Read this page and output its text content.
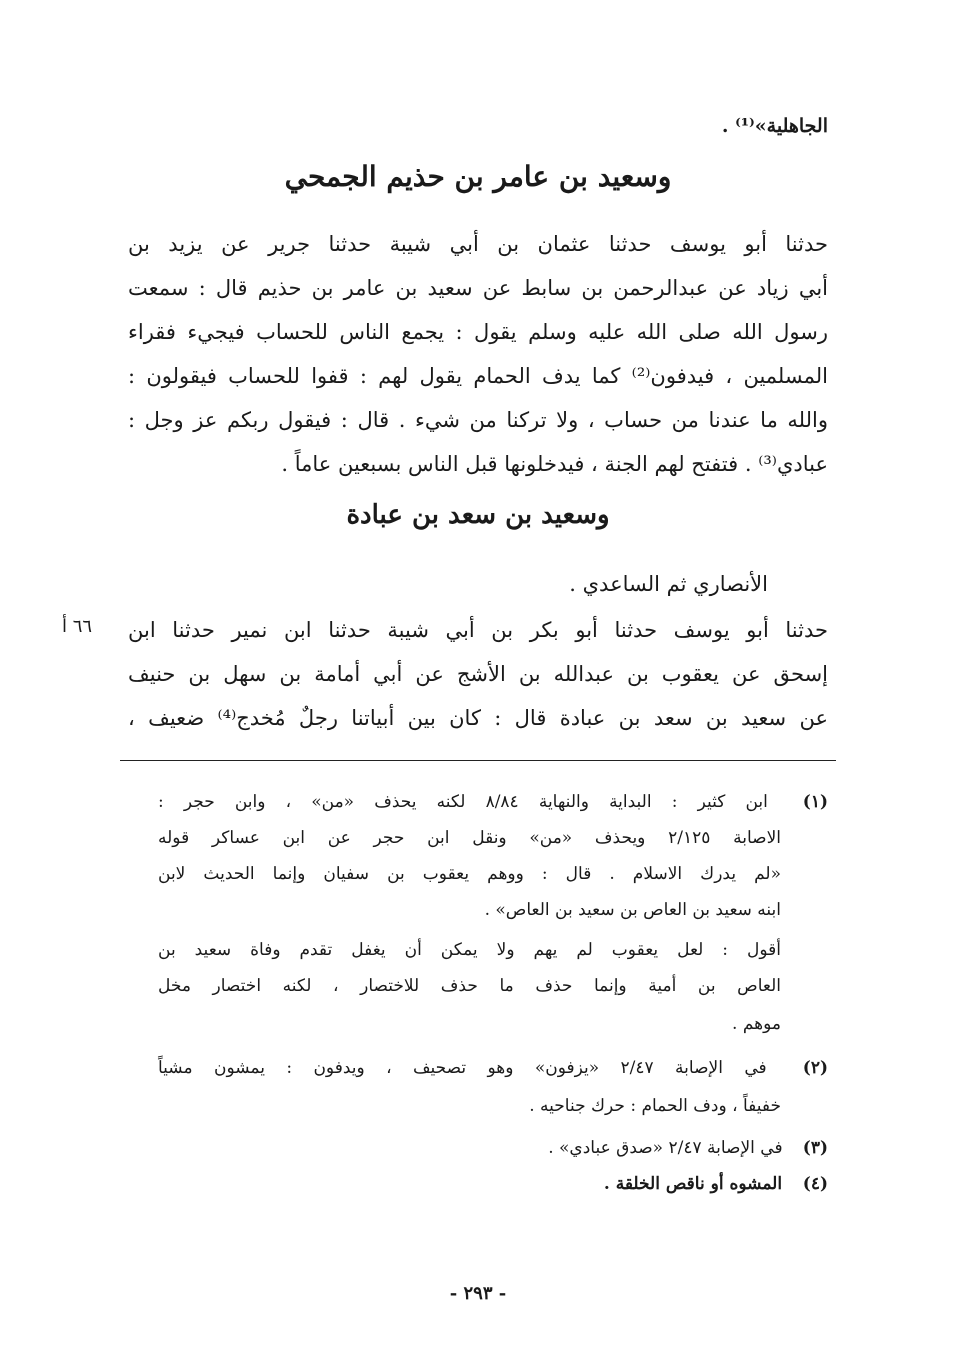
الجاهلية»⁽¹⁾ .
وسعيد بن عامر بن حذيم الجمحي
حدثنا أبو يوسف حدثنا عثمان بن أبي شيبة حدثنا جرير عن يزيد بن
أبي زياد عن عبدالرحمن بن سابط عن سعيد بن عامر بن حذيم قال : سمعت
رسول الله صلى الله عليه وسلم يقول : يجمع الناس للحساب فيجيء فقراء
المسلمين ، فيدفون⁽²⁾ كما يدف الحمام يقول لهم : قفوا للحساب فيقولون :
والله ما عندنا من حساب ، ولا تركنا من شيء . قال : فيقول ربكم عز وجل :
عبادي⁽³⁾ . فتفتح لهم الجنة ، فيدخلونها قبل الناس بسبعين عاماً .
وسعيد بن سعد بن عبادة
الأنصاري ثم الساعدي .
حدثنا أبو يوسف حدثنا أبو بكر بن أبي شيبة حدثنا ابن نمير حدثنا ابن
٦٦ أ
إسحق عن يعقوب بن عبدالله بن الأشج عن أبي أمامة بن سهل بن حنيف
عن سعيد بن سعد بن عبادة قال : كان بين أبياتنا رجلٌ مُخدج⁽⁴⁾ ضعيف ،
(١) ابن كثير : البداية والنهاية ٨/٨٤ لكنه يحذف «من» ، وابن حجر :
الاصابة ٢/١٢٥ ويحذف «من» ونقل ابن حجر عن ابن عساكر قوله
«لم يدرك الاسلام . قال : ووهم يعقوب بن سفيان وإنما الحديث لابن
ابنه سعيد بن العاص بن سعيد بن العاص» .
أقول : لعل يعقوب لم يهم ولا يمكن أن يغفل تقدم وفاة سعيد بن
العاص بن أمية وإنما حذف ما حذف للاختصار ، لكنه اختصار مخل
موهم .
(٢) في الإصابة ٢/٤٧ «يزفون» وهو تصحيف ، ويدفون : يمشون مشياً
خفيفاً ، ودف الحمام : حرك جناحيه .
(٣) في الإصابة ٢/٤٧ «صدق عبادي» .
(٤) المشوه أو ناقص الخلقة .
- ٢٩٣ -
